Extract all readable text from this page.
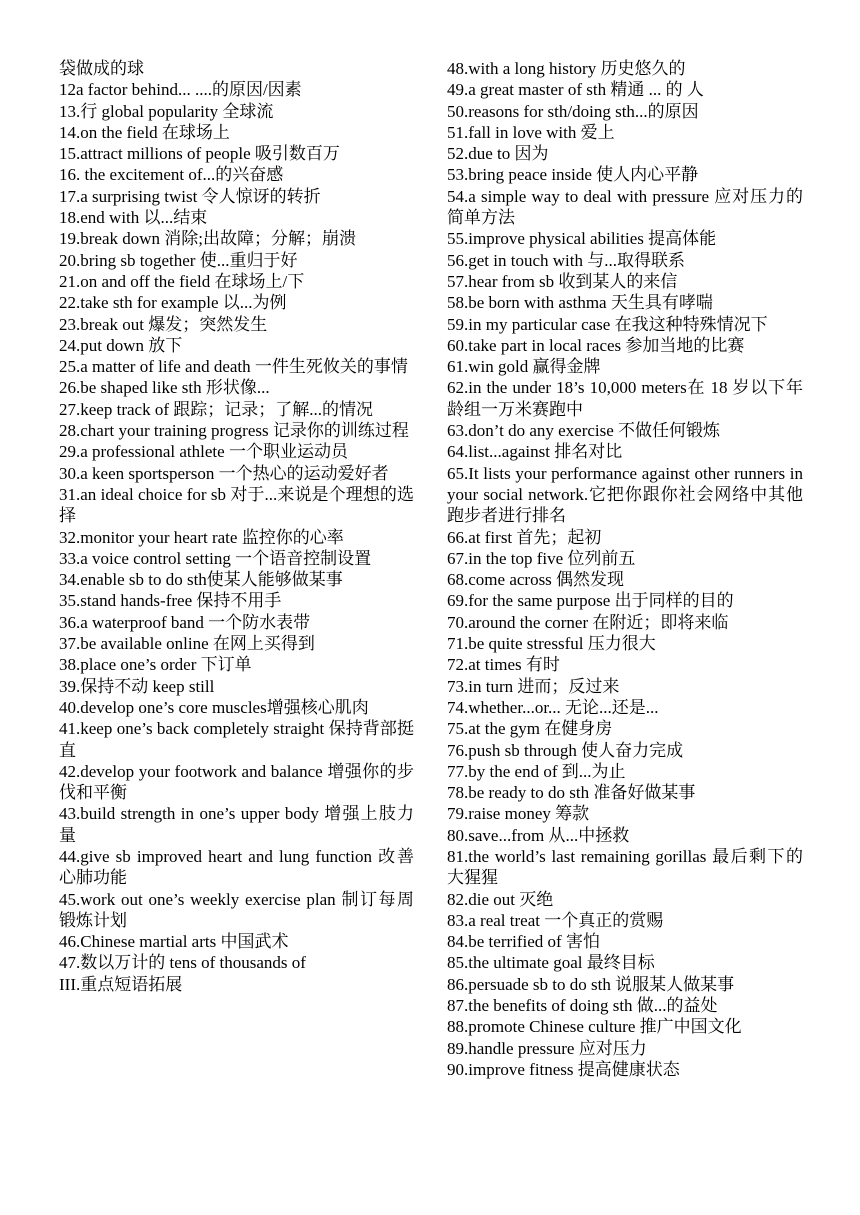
袋做成的球

12a factor behind... ....的原因/因素

13.行 global popularity 全球流

14.on the field 在球场上

15.attract millions of people 吸引数百万

16. the excitement of...的兴奋感

17.a surprising twist 令人惊讶的转折

18.end with 以...结束

19.break down 消除;出故障；分解；崩溃

20.bring sb together 使...重归于好

21.on and off the field 在球场上/下

22.take sth for example 以...为例

23.break out 爆发；突然发生

24.put down 放下

25.a matter of life and death 一件生死攸关的事情

26.be shaped like sth 形状像...

27.keep track of 跟踪；记录；了解...的情况

28.chart your training progress 记录你的训练过程

29.a professional athlete 一个职业运动员

30.a keen sportsperson 一个热心的运动爱好者

31.an ideal choice for sb 对于...来说是个理想的选择

32.monitor your heart rate 监控你的心率

33.a voice control setting 一个语音控制设置

34.enable sb to do sth使某人能够做某事

35.stand hands-free 保持不用手

36.a waterproof band 一个防水表带

37.be available online 在网上买得到

38.place one’s order 下订单

39.保持不动 keep still

40.develop one’s core muscles增强核心肌肉

41.keep one’s back completely straight 保持背部挺直

42.develop your footwork and balance 增强你的步伐和平衡

43.build strength in one’s upper body 增强上肢力量

44.give sb improved heart and lung function 改善心肺功能

45.work out one’s weekly exercise plan 制订每周锻炼计划

46.Chinese martial arts 中国武术

47.数以万计的 tens of thousands of

III.重点短语拓展

48.with a long history 历史悠久的

49.a great master of sth 精通 ... 的 人

50.reasons for sth/doing sth...的原因

51.fall in love with 爱上

52.due to 因为

53.bring peace inside 使人内心平静

54.a simple way to deal with pressure 应对压力的简单方法

55.improve physical abilities 提高体能

56.get in touch with 与...取得联系

57.hear from sb 收到某人的来信

58.be born with asthma 天生具有哮喘

59.in my particular case 在我这种特殊情况下

60.take part in local races 参加当地的比赛

61.win gold 赢得金牌

62.in the under 18’s 10,000 meters在 18 岁以下年龄组一万米赛跑中

63.don’t do any exercise 不做任何锻炼

64.list...against 排名对比

65.It lists your performance against other runners in your social network.它把你跟你社会网络中其他跑步者进行排名

66.at first 首先；起初

67.in the top five 位列前五

68.come across 偶然发现

69.for the same purpose 出于同样的目的

70.around the corner 在附近；即将来临

71.be quite stressful 压力很大

72.at times 有时

73.in turn 进而；反过来

74.whether...or... 无论...还是...

75.at the gym 在健身房

76.push sb through 使人奋力完成

77.by the end of 到...为止

78.be ready to do sth 准备好做某事

79.raise money 筹款

80.save...from 从...中拯救

81.the world’s last remaining gorillas 最后剩下的大猩猩

82.die out 灭绝

83.a real treat 一个真正的赏赐

84.be terrified of 害怕

85.the ultimate goal 最终目标

86.persuade sb to do sth 说服某人做某事

87.the benefits of doing sth 做...的益处

88.promote Chinese culture 推广中国文化

89.handle pressure 应对压力

90.improve fitness 提高健康状态
